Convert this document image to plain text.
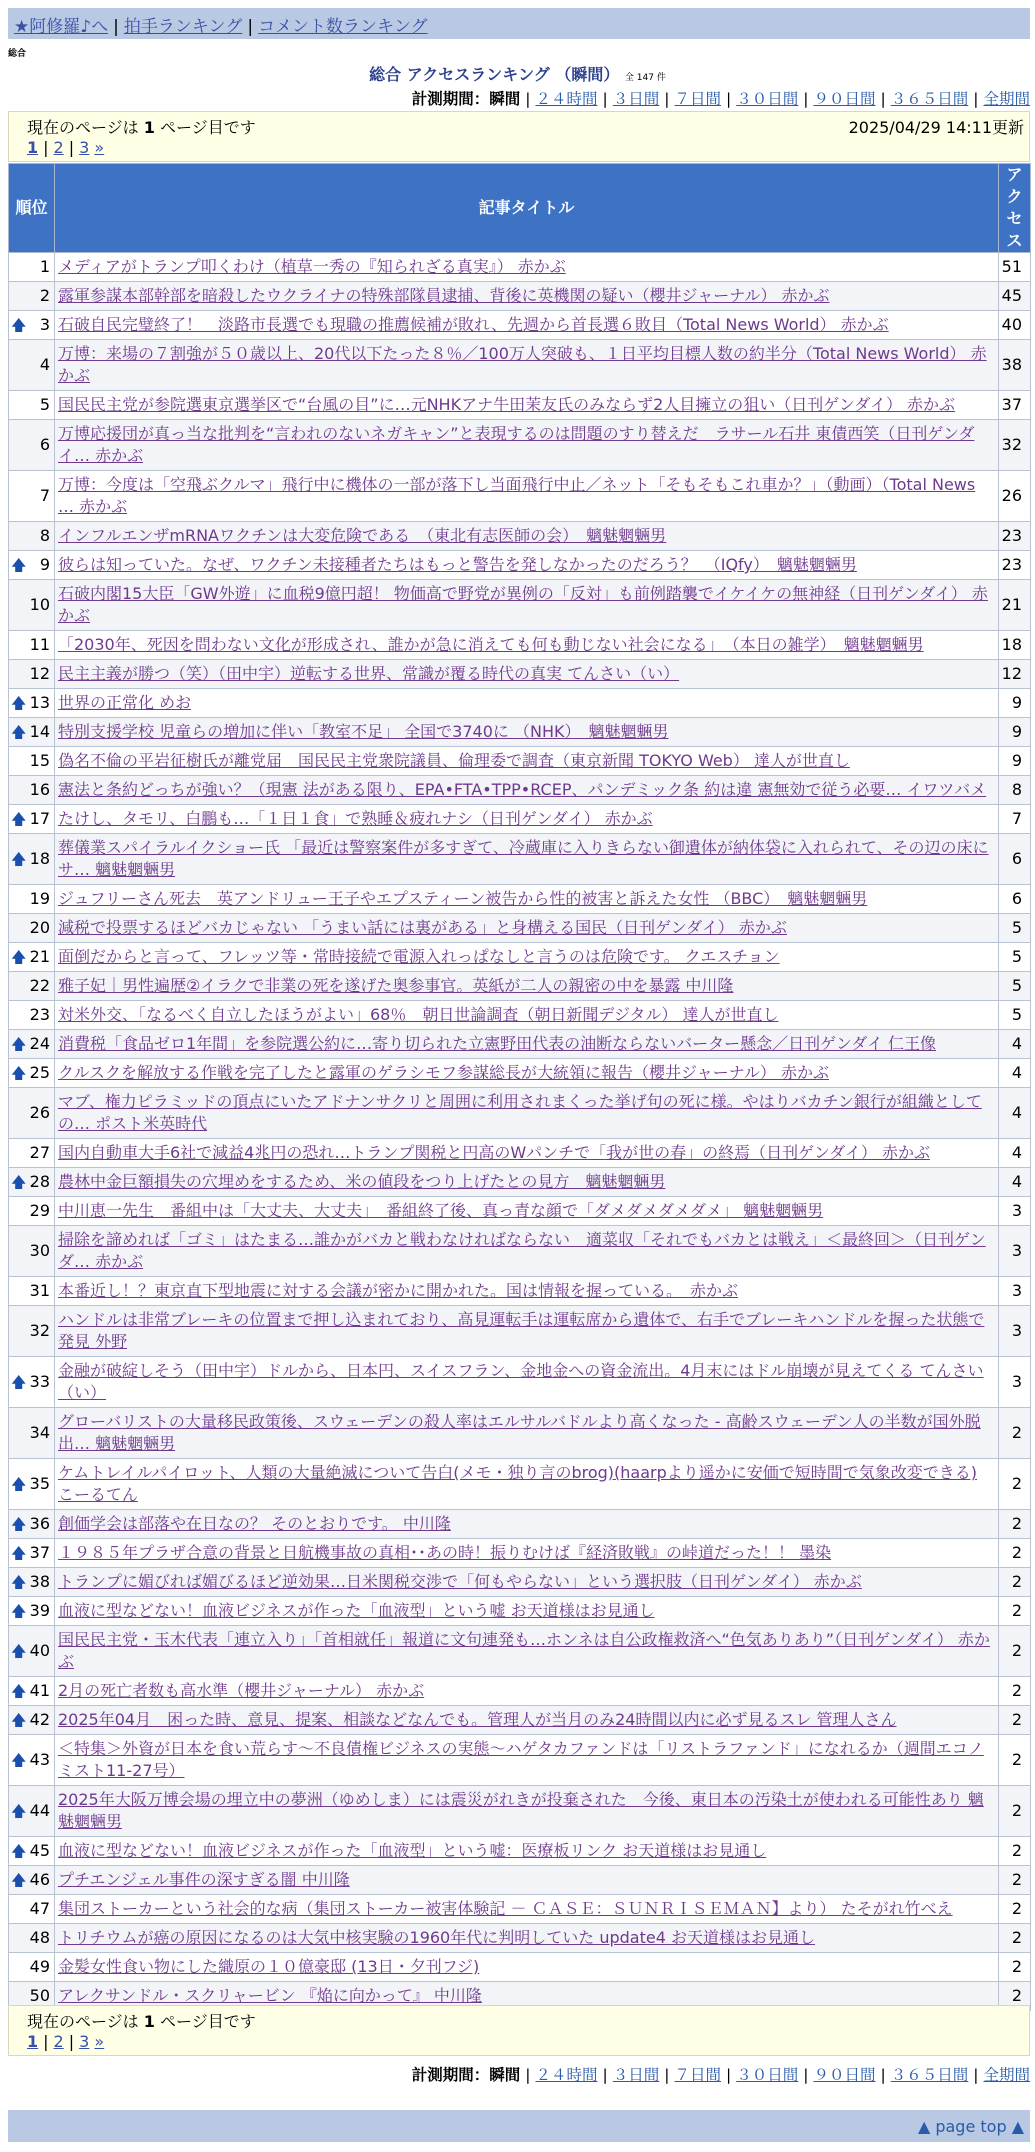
★阿修羅♪へ | 拍手ランキング | コメント数ランキング
総合
総合 アクセスランキング （瞬間） 全 147 件
計測期間：瞬間 | ２４時間 | ３日間 | ７日間 | ３０日間 | ９０日間 | ３６５日間 | 全期間
現在のページは 1 ページ目です	2025/04/29 14:11更新
1 | 2 | 3 »
順位	記事タイトル	アクセス
1	メディアがトランプ叩くわけ（植草一秀の『知られざる真実』） 赤かぶ	51
2	露軍参謀本部幹部を暗殺したウクライナの特殊部隊員逮捕、背後に英機関の疑い（櫻井ジャーナル） 赤かぶ	45

🡅 3	石破自民完璧終了！　淡路市長選でも現職の推薦候補が敗れ、先週から首長選６敗目（Total News World） 赤かぶ	40
4	万博：来場の７割強が５０歳以上、20代以下たった８％／100万人突破も、１日平均目標人数の約半分（Total News World） 赤かぶ	38
5	国民民主党が参院選東京選挙区で“台風の目”に…元NHKアナ牛田茉友氏のみならず2人目擁立の狙い（日刊ゲンダイ） 赤かぶ	37
6	万博応援団が真っ当な批判を“言われのないネガキャン”と表現するのは問題のすり替えだ　ラサール石井 東債西笑（日刊ゲンダイ… 赤かぶ	32
7	万博：今度は「空飛ぶクルマ」飛行中に機体の一部が落下し当面飛行中止／ネット「そもそもこれ車か？」（動画）（Total News … 赤かぶ	26
8	インフルエンザmRNAワクチンは大変危険である　（東北有志医師の会）　魑魅魍魎男	23

🡅 9	彼らは知っていた。なぜ、ワクチン未接種者たちはもっと警告を発しなかったのだろう？　（IQfy）　魑魅魍魎男	23
10	石破内閣15大臣「GW外遊」に血税9億円超！ 物価高で野党が異例の「反対」も前例踏襲でイケイケの無神経（日刊ゲンダイ） 赤かぶ	21
11	「2030年、死因を問わない文化が形成され、誰かが急に消えても何も動じない社会になる」　（本日の雑学）　魑魅魍魎男	18
12	民主主義が勝つ（笑）（田中宇）逆転する世界、常識が覆る時代の真実 てんさい（い）	12

🡅 13	世界の正常化 めお	9

🡅 14	特別支援学校 児童らの増加に伴い「教室不足」 全国で3740に （NHK）　魑魅魍魎男	9
15	偽名不倫の平岩征樹氏が離党届　国民民主党衆院議員、倫理委で調査（東京新聞 TOKYO Web） 達人が世直し	9
16	憲法と条約どっちが強い？（現憲 法がある限り、EPA•FTA•TPP•RCEP、パンデミック条 約は違 憲無効で従う必要… イワツバメ	8

🡅 17	たけし、タモリ、白鵬も…「１日１食」で熟睡＆疲れナシ（日刊ゲンダイ） 赤かぶ	7

🡅 18	葬儀業スパイラルイクショー氏 「最近は警察案件が多すぎて、冷蔵庫に入りきらない御遺体が納体袋に入れられて、その辺の床にサ… 魑魅魍魎男	6
19	ジュフリーさん死去　英アンドリュー王子やエプスティーン被告から性的被害と訴えた女性 （BBC）　魑魅魍魎男	6
20	減税で投票するほどバカじゃない 「うまい話には裏がある」と身構える国民（日刊ゲンダイ） 赤かぶ	5

🡅 21	面倒だからと言って、フレッツ等・常時接続で電源入れっぱなしと言うのは危険です。 クエスチョン	5
22	雅子妃｜男性遍歴②イラクで非業の死を遂げた奥参事官。英紙が二人の親密の中を暴露 中川隆	5
23	対米外交、「なるべく自立したほうがよい」68％　朝日世論調査（朝日新聞デジタル） 達人が世直し	5

🡅 24	消費税「食品ゼロ1年間」を参院選公約に…寄り切られた立憲野田代表の油断ならないバーター懸念／日刊ゲンダイ 仁王像	4

🡅 25	クルスクを解放する作戦を完了したと露軍のゲラシモフ参謀総長が大統領に報告（櫻井ジャーナル） 赤かぶ	4
26	マブ、権力ピラミッドの頂点にいたアドナンサクリと周囲に利用されまくった挙げ句の死に様。やはりバカチン銀行が組織としての… ポスト米英時代	4
27	国内自動車大手6社で減益4兆円の恐れ…トランプ関税と円高のWパンチで「我が世の春」の終焉（日刊ゲンダイ） 赤かぶ	4

🡅 28	農林中金巨額損失の穴埋めをするため、米の値段をつり上げたとの見方　魑魅魍魎男	4
29	中川恵一先生　番組中は「大丈夫、大丈夫」　番組終了後、真っ青な顔で「ダメダメダメダメ」 魑魅魍魎男	3
30	掃除を諦めれば「ゴミ」はたまる…誰かがバカと戦わなければならない　適菜収「それでもバカとは戦え」＜最終回＞（日刊ゲンダ… 赤かぶ	3
31	本番近し！？東京直下型地震に対する会議が密かに開かれた。国は情報を握っている。　赤かぶ	3
32	ハンドルは非常ブレーキの位置まで押し込まれており、高見運転手は運転席から遺体で、右手でブレーキハンドルを握った状態で発見 外野	3

🡅 33	金融が破綻しそう（田中宇）ドルから、日本円、スイスフラン、金地金への資金流出。4月末にはドル崩壊が見えてくる てんさい（い）	3
34	グローバリストの大量移民政策後、スウェーデンの殺人率はエルサルバドルより高くなった - 高齢スウェーデン人の半数が国外脱出… 魑魅魍魎男	2

🡅 35	ケムトレイルパイロット、人類の大量絶滅について告白(メモ・独り言のbrog)(haarpより遥かに安価で短時間で気象改変できる) こーるてん	2

🡅 36	創価学会は部落や在日なの？ そのとおりです。 中川隆	2

🡅 37	１９８５年プラザ合意の背景と日航機事故の真相･･あの時！振りむけば『経済敗戦』の峠道だった！！ 墨染	2

🡅 38	トランプに媚びれば媚びるほど逆効果…日米関税交渉で「何もやらない」という選択肢（日刊ゲンダイ） 赤かぶ	2

🡅 39	血液に型などない！血液ビジネスが作った「血液型」という嘘 お天道様はお見通し	2

🡅 40	国民民主党・玉木代表「連立入り」「首相就任」報道に文句連発も…ホンネは自公政権救済へ“色気ありあり”（日刊ゲンダイ） 赤かぶ	2

🡅 41	2月の死亡者数も高水準（櫻井ジャーナル） 赤かぶ	2

🡅 42	2025年04月　困った時、意見、提案、相談などなんでも。管理人が当月のみ24時間以内に必ず見るスレ 管理人さん	2

🡅 43	＜特集＞外資が日本を食い荒らす〜不良債権ビジネスの実態〜ハゲタカファンドは「リストラファンド」になれるか（週間エコノミスト11-27号）	2

🡅 44	2025年大阪万博会場の埋立中の夢洲（ゆめしま）には震災がれきが投棄された　今後、東日本の汚染土が使われる可能性あり 魑魅魍魎男	2

🡅 45	血液に型などない！血液ビジネスが作った「血液型」という嘘：医療板リンク お天道様はお見通し	2

🡅 46	プチエンジェル事件の深すぎる闇 中川隆	2
47	集団ストーカーという社会的な病（集団ストーカー被害体験記 － ＣＡＳＥ：ＳＵＮＲＩＳＥＭＡＮ】より） たそがれ竹べえ	2
48	トリチウムが癌の原因になるのは大気中核実験の1960年代に判明していた update4 お天道様はお見通し	2
49	金髪女性食い物にした織原の１０億豪邸 (13日・夕刊フジ)	2
50	アレクサンドル・スクリャービン 『焔に向かって』 中川隆	2
現在のページは 1 ページ目です
1 | 2 | 3 »
計測期間：瞬間 | ２４時間 | ３日間 | ７日間 | ３０日間 | ９０日間 | ３６５日間 | 全期間
▲ page top ▲
